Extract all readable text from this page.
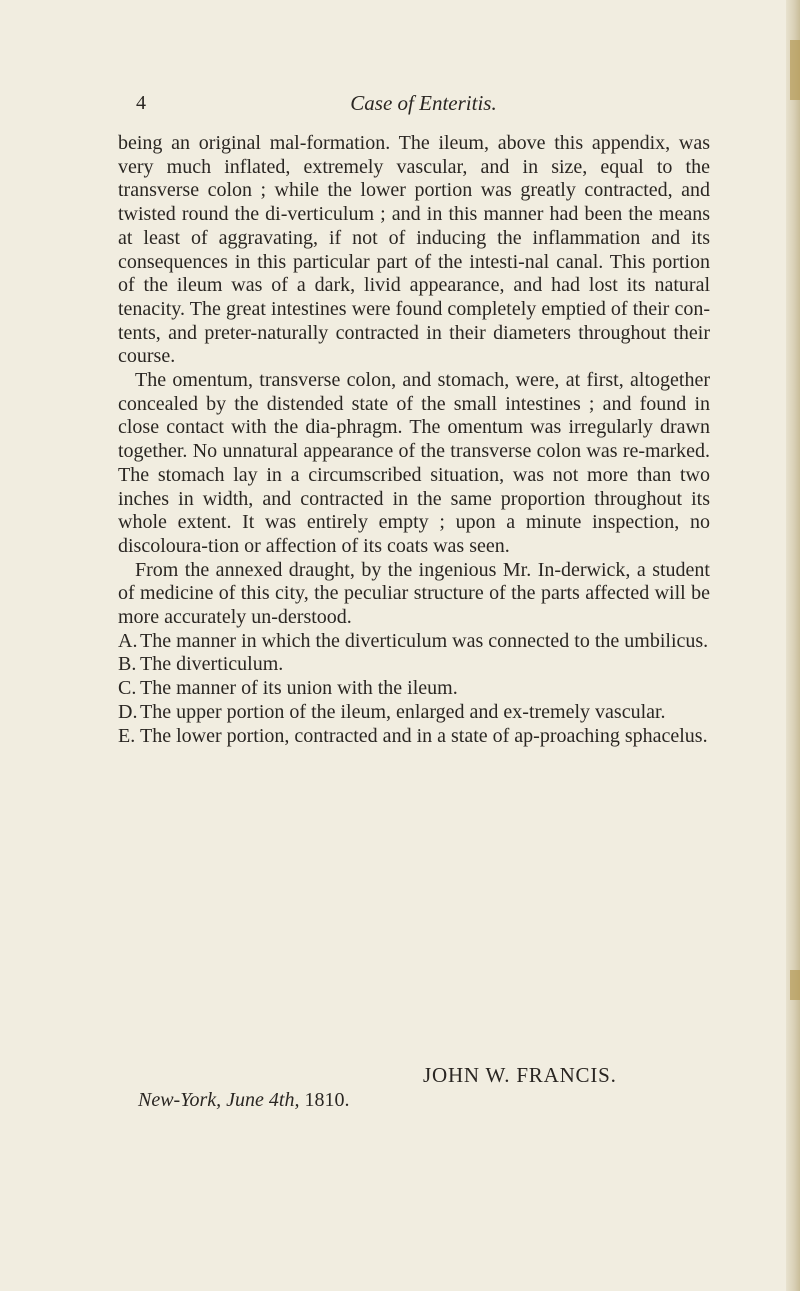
4	Case of Enteritis.

being an original mal-formation. The ileum, above this appendix, was very much inflated, extremely vascular, and in size, equal to the transverse colon ; while the lower portion was greatly contracted, and twisted round the di-verticulum ; and in this manner had been the means at least of aggravating, if not of inducing the inflammation and its consequences in this particular part of the intesti-nal canal. This portion of the ileum was of a dark, livid appearance, and had lost its natural tenacity. The great intestines were found completely emptied of their con-tents, and preter-naturally contracted in their diameters throughout their course.

The omentum, transverse colon, and stomach, were, at first, altogether concealed by the distended state of the small intestines ; and found in close contact with the dia-phragm. The omentum was irregularly drawn together. No unnatural appearance of the transverse colon was re-marked. The stomach lay in a circumscribed situation, was not more than two inches in width, and contracted in the same proportion throughout its whole extent. It was entirely empty ; upon a minute inspection, no discoloura-tion or affection of its coats was seen.

From the annexed draught, by the ingenious Mr. In-derwick, a student of medicine of this city, the peculiar structure of the parts affected will be more accurately un-derstood.

A. The manner in which the diverticulum was connected to the umbilicus.
B. The diverticulum.
C. The manner of its union with the ileum.
D. The upper portion of the ileum, enlarged and ex-tremely vascular.
E. The lower portion, contracted and in a state of ap-proaching sphacelus.
JOHN W. FRANCIS.
New-York, June 4th, 1810.
